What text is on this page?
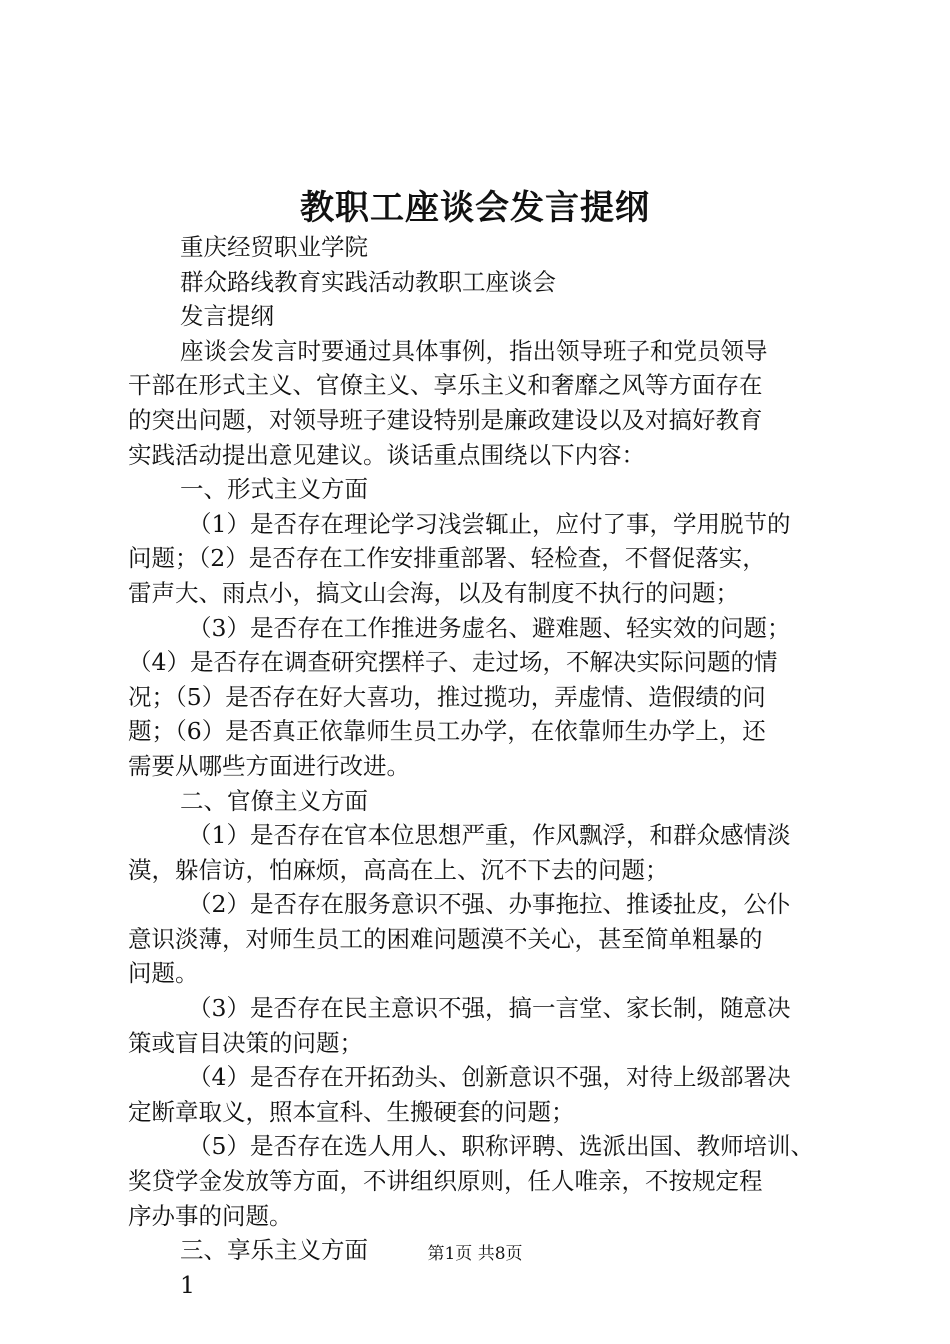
教职工座谈会发言提纲
重庆经贸职业学院
群众路线教育实践活动教职工座谈会
发言提纲
座谈会发言时要通过具体事例，指出领导班子和党员领导
干部在形式主义、官僚主义、享乐主义和奢靡之风等方面存在
的突出问题，对领导班子建设特别是廉政建设以及对搞好教育
实践活动提出意见建议。谈话重点围绕以下内容：
一、形式主义方面
（1）是否存在理论学习浅尝辄止，应付了事，学用脱节的
问题；（2）是否存在工作安排重部署、轻检查，不督促落实，
雷声大、雨点小，搞文山会海，以及有制度不执行的问题；
（3）是否存在工作推进务虚名、避难题、轻实效的问题；
（4）是否存在调查研究摆样子、走过场，不解决实际问题的情
况；（5）是否存在好大喜功，推过揽功，弄虚情、造假绩的问
题；（6）是否真正依靠师生员工办学，在依靠师生办学上，还
需要从哪些方面进行改进。
二、官僚主义方面
（1）是否存在官本位思想严重，作风飘浮，和群众感情淡
漠，躲信访，怕麻烦，高高在上、沉不下去的问题；
（2）是否存在服务意识不强、办事拖拉、推诿扯皮，公仆
意识淡薄，对师生员工的困难问题漠不关心，甚至简单粗暴的
问题。
（3）是否存在民主意识不强，搞一言堂、家长制，随意决
策或盲目决策的问题；
（4）是否存在开拓劲头、创新意识不强，对待上级部署决
定断章取义，照本宣科、生搬硬套的问题；
（5）是否存在选人用人、职称评聘、选派出国、教师培训、
奖贷学金发放等方面，不讲组织原则，任人唯亲，不按规定程
序办事的问题。
三、享乐主义方面
1
第1页 共8页
